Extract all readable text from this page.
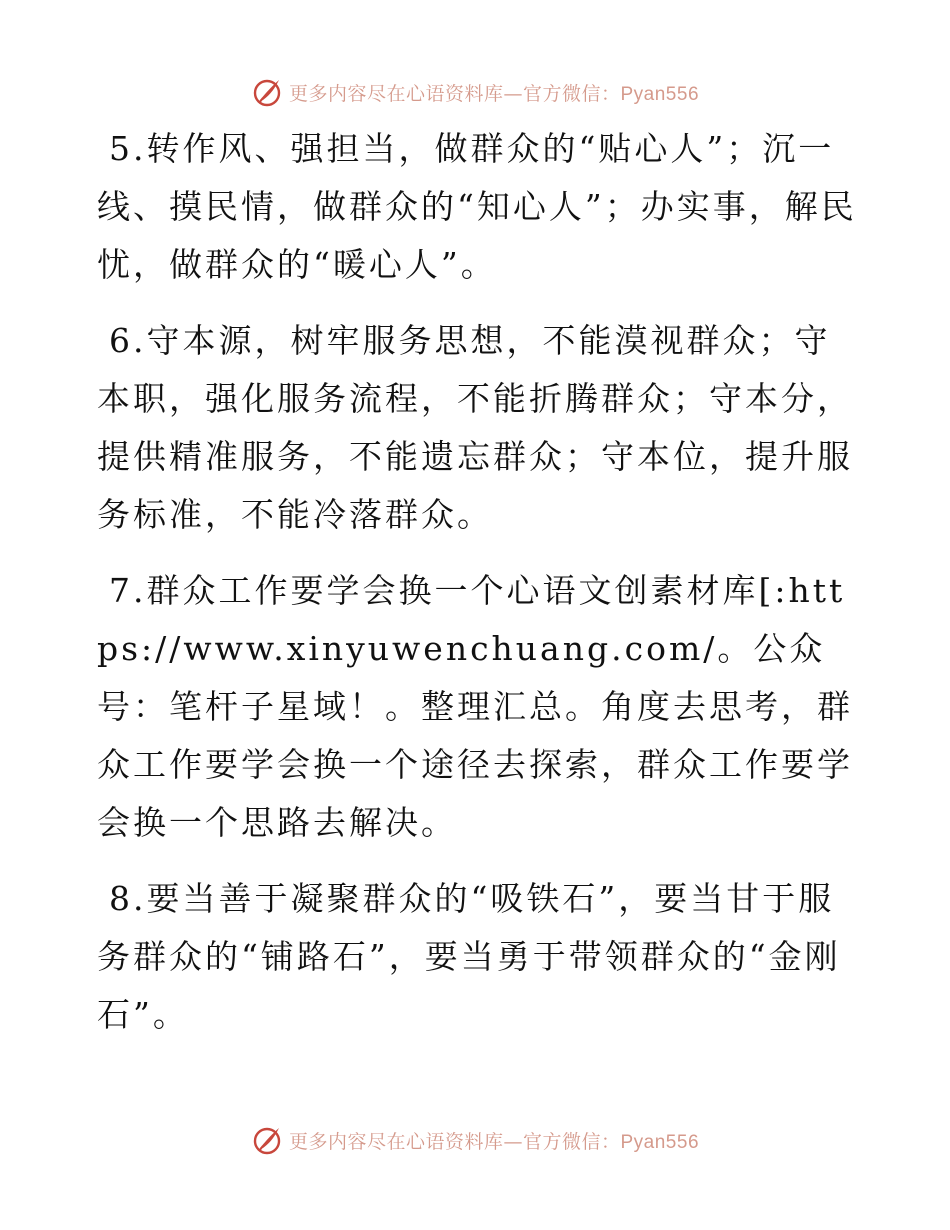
更多内容尽在心语资料库—官方微信：Pyan556

5.转作风、强担当，做群众的“贴心人”；沉一线、摸民情，做群众的“知心人”；办实事，解民忧，做群众的“暖心人”。

6.守本源，树牢服务思想，不能漠视群众；守本职，强化服务流程，不能折腾群众；守本分，提供精准服务，不能遗忘群众；守本位，提升服务标准，不能冷落群众。

7.群众工作要学会换一个心语文创素材库[:https://www.xinyuwenchuang.com/。公众号：笔杆子星域！。整理汇总。角度去思考，群众工作要学会换一个途径去探索，群众工作要学会换一个思路去解决。

8.要当善于凝聚群众的“吸铁石”，要当甘于服务群众的“铺路石”，要当勇于带领群众的“金刚石”。

更多内容尽在心语资料库—官方微信：Pyan556
